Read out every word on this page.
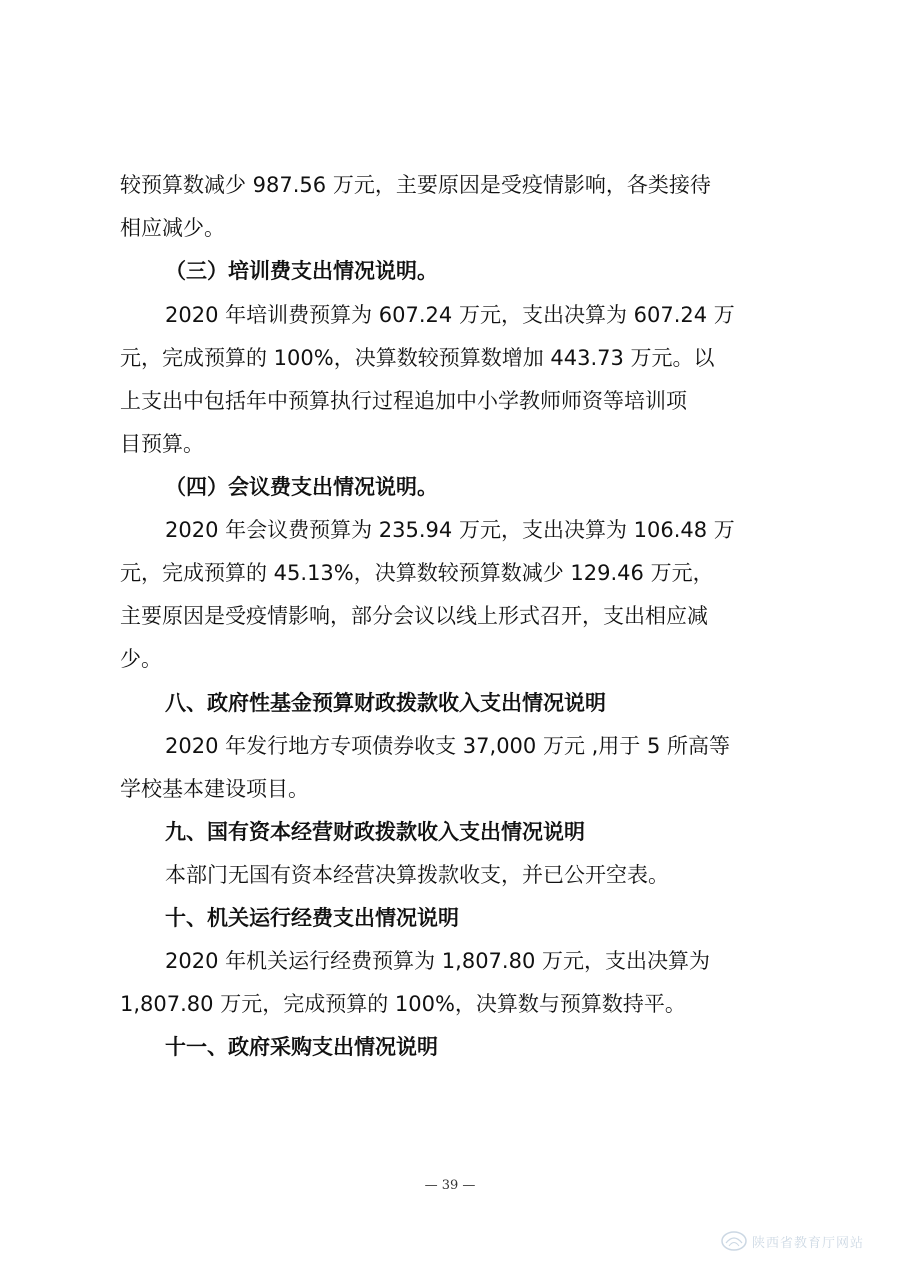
较预算数减少 987.56 万元，主要原因是受疫情影响，各类接待
相应减少。
（三）培训费支出情况说明。
2020 年培训费预算为 607.24 万元，支出决算为 607.24 万
元，完成预算的 100%，决算数较预算数增加 443.73 万元。以
上支出中包括年中预算执行过程追加中小学教师师资等培训项
目预算。
（四）会议费支出情况说明。
2020 年会议费预算为 235.94 万元，支出决算为 106.48 万
元，完成预算的 45.13%，决算数较预算数减少 129.46 万元，
主要原因是受疫情影响，部分会议以线上形式召开，支出相应减
少。
八、政府性基金预算财政拨款收入支出情况说明
2020 年发行地方专项债券收支 37,000 万元 ,用于 5 所高等
学校基本建设项目。
九、国有资本经营财政拨款收入支出情况说明
本部门无国有资本经营决算拨款收支，并已公开空表。
十、机关运行经费支出情况说明
2020 年机关运行经费预算为 1,807.80 万元，支出决算为
1,807.80 万元，完成预算的 100%，决算数与预算数持平。
十一、政府采购支出情况说明
— 39 —
陕西省教育厅网站
